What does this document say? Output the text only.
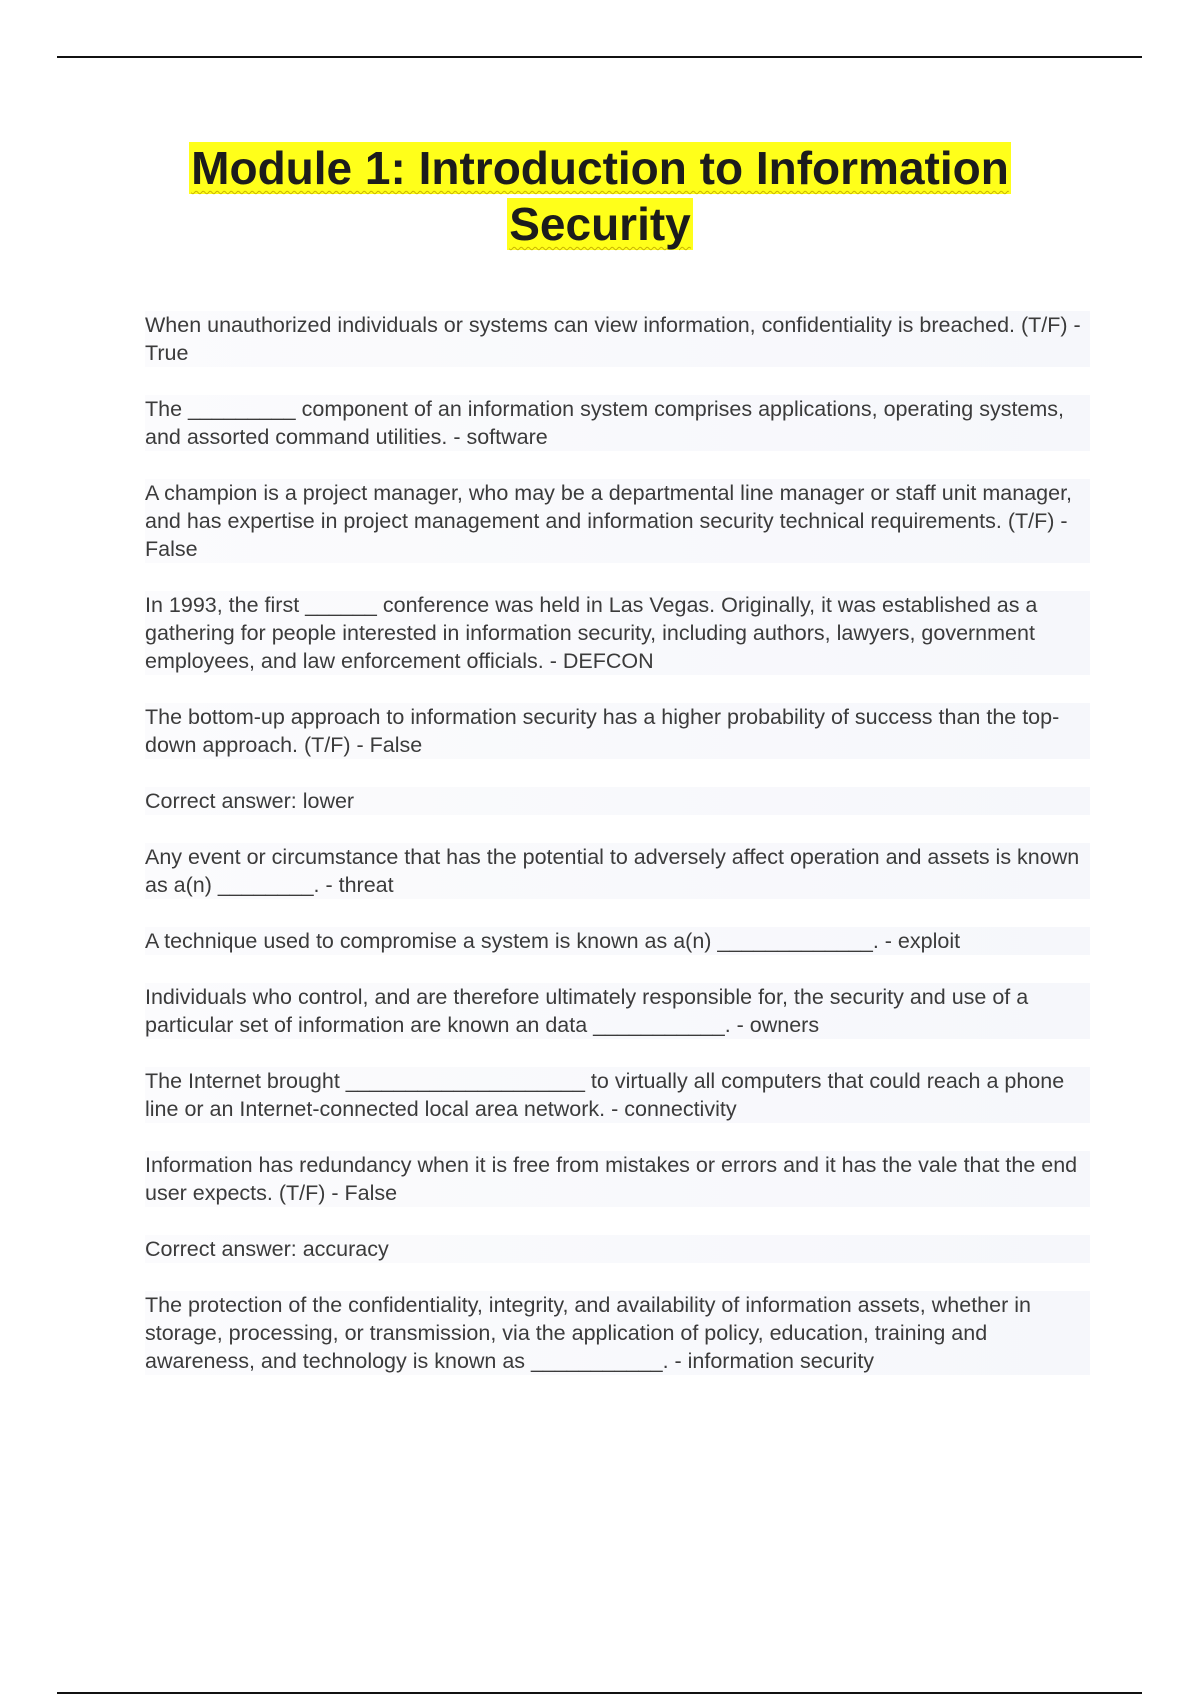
Module 1: Introduction to Information Security
When unauthorized individuals or systems can view information, confidentiality is breached. (T/F) - True
The _________ component of an information system comprises applications, operating systems, and assorted command utilities. - software
A champion is a project manager, who may be a departmental line manager or staff unit manager, and has expertise in project management and information security technical requirements. (T/F) - False
In 1993, the first ______ conference was held in Las Vegas. Originally, it was established as a gathering for people interested in information security, including authors, lawyers, government employees, and law enforcement officials. - DEFCON
The bottom-up approach to information security has a higher probability of success than the top-down approach. (T/F) - False
Correct answer: lower
Any event or circumstance that has the potential to adversely affect operation and assets is known as a(n) ________. - threat
A technique used to compromise a system is known as a(n) _____________. - exploit
Individuals who control, and are therefore ultimately responsible for, the security and use of a particular set of information are known an data ___________. - owners
The Internet brought ____________________ to virtually all computers that could reach a phone line or an Internet-connected local area network. - connectivity
Information has redundancy when it is free from mistakes or errors and it has the vale that the end user expects. (T/F) - False
Correct answer: accuracy
The protection of the confidentiality, integrity, and availability of information assets, whether in storage, processing, or transmission, via the application of policy, education, training and awareness, and technology is known as ___________. - information security
